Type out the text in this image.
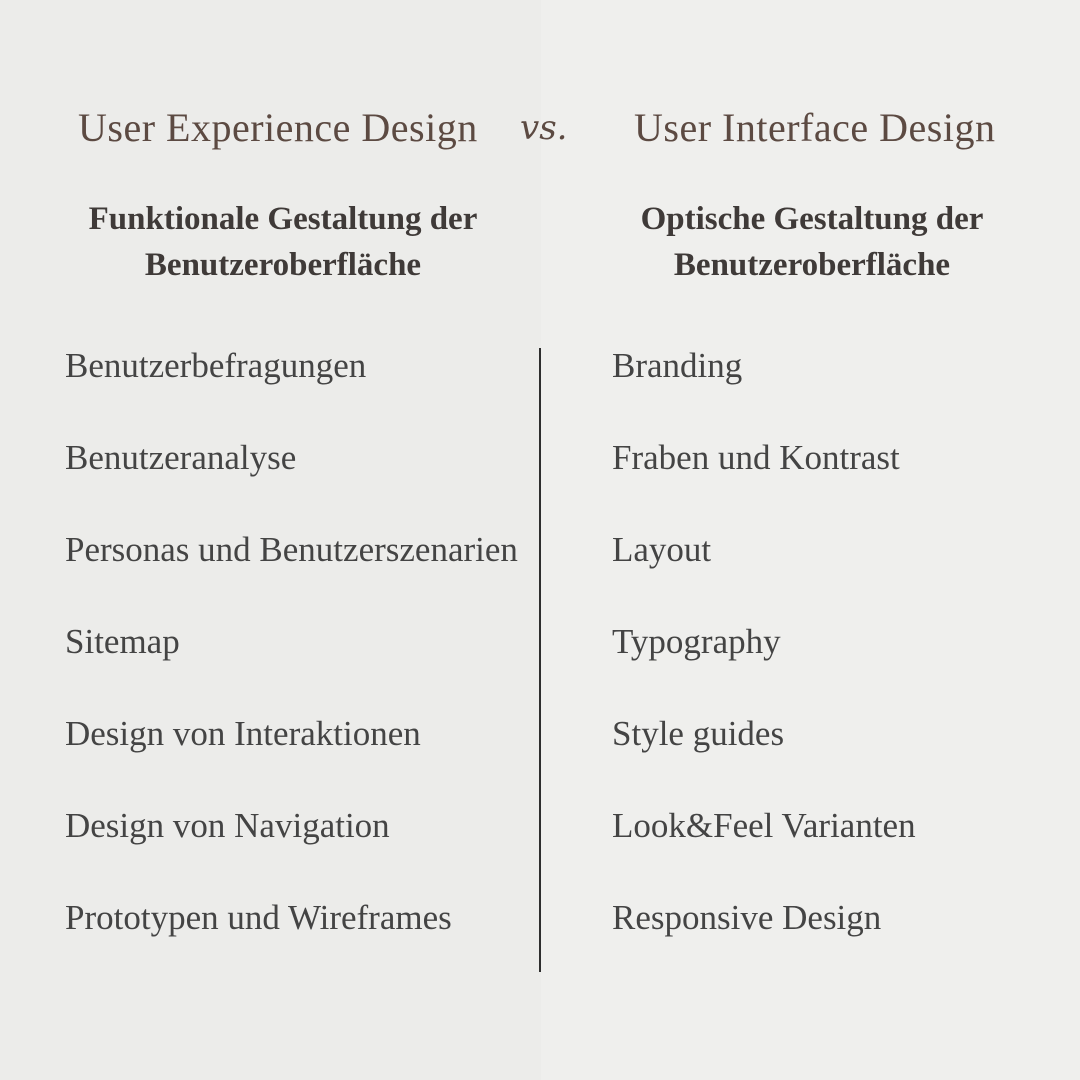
User Experience Design vs. User Interface Design
Funktionale Gestaltung der
Benutzeroberfläche
Optische Gestaltung der
Benutzeroberfläche
Benutzerbefragungen
Benutzeranalyse
Personas und Benutzerszenarien
Sitemap
Design von Interaktionen
Design von Navigation
Prototypen und Wireframes
Branding
Fraben und Kontrast
Layout
Typography
Style guides
Look&Feel Varianten
Responsive Design
